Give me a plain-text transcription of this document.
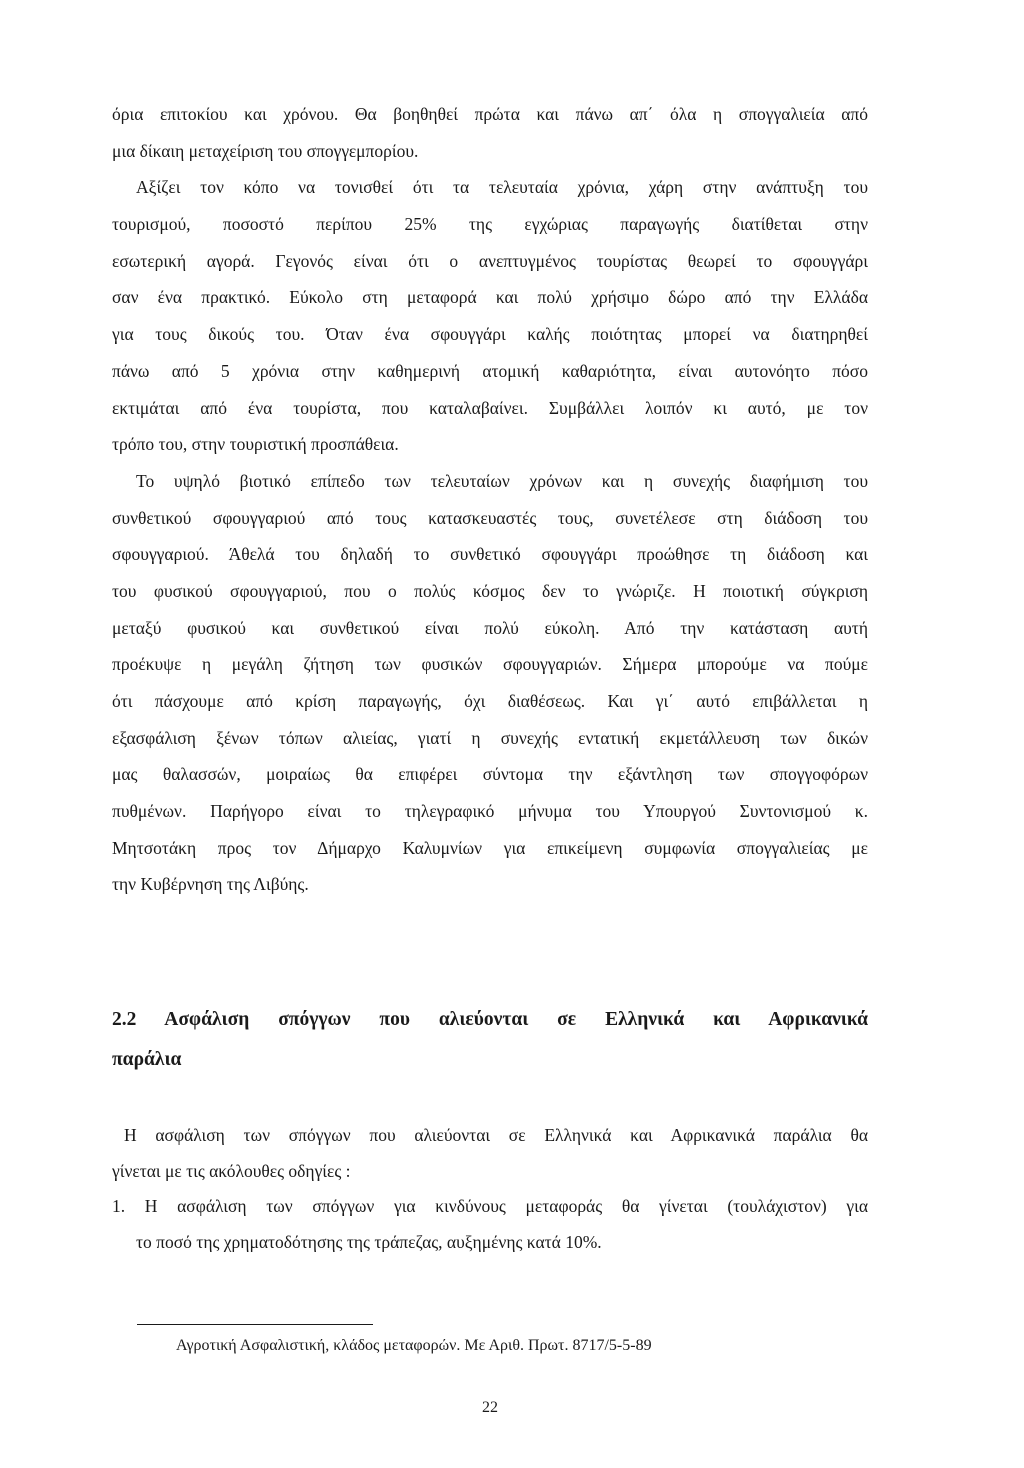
όρια επιτοκίου και χρόνου. Θα βοηθηθεί πρώτα και πάνω απ΄ όλα η σπογγαλιεία από
μια δίκαιη μεταχείριση του σπογγεμπορίου.
Αξίζει τον κόπο να τονισθεί ότι τα τελευταία χρόνια, χάρη στην ανάπτυξη του
τουρισμού, ποσοστό περίπου 25% της εγχώριας παραγωγής διατίθεται στην
εσωτερική αγορά. Γεγονός είναι ότι ο ανεπτυγμένος τουρίστας θεωρεί το σφουγγάρι
σαν ένα πρακτικό. Εύκολο στη μεταφορά και πολύ χρήσιμο δώρο από την Ελλάδα
για τους δικούς του. Όταν ένα σφουγγάρι καλής ποιότητας μπορεί να διατηρηθεί
πάνω από 5 χρόνια στην καθημερινή ατομική καθαριότητα, είναι αυτονόητο πόσο
εκτιμάται από ένα τουρίστα, που καταλαβαίνει. Συμβάλλει λοιπόν κι αυτό, με τον
τρόπο του, στην τουριστική προσπάθεια.
Το υψηλό βιοτικό επίπεδο των τελευταίων χρόνων και η συνεχής διαφήμιση του
συνθετικού σφουγγαριού από τους κατασκευαστές τους, συνετέλεσε στη διάδοση του
σφουγγαριού. Άθελά του δηλαδή το συνθετικό σφουγγάρι προώθησε τη διάδοση και
του φυσικού σφουγγαριού, που ο πολύς κόσμος δεν το γνώριζε. Η ποιοτική σύγκριση
μεταξύ φυσικού και συνθετικού είναι πολύ εύκολη. Από την κατάσταση αυτή
προέκυψε η μεγάλη ζήτηση των φυσικών σφουγγαριών. Σήμερα μπορούμε να πούμε
ότι πάσχουμε από κρίση παραγωγής, όχι διαθέσεως. Και γι΄ αυτό επιβάλλεται η
εξασφάλιση ξένων τόπων αλιείας, γιατί η συνεχής εντατική εκμετάλλευση των δικών
μας θαλασσών, μοιραίως θα επιφέρει σύντομα την εξάντληση των σπογγοφόρων
πυθμένων. Παρήγορο είναι το τηλεγραφικό μήνυμα του Υπουργού Συντονισμού κ.
Μητσοτάκη προς τον Δήμαρχο Καλυμνίων για επικείμενη συμφωνία σπογγαλιείας με
την Κυβέρνηση της Λιβύης.
2.2 Ασφάλιση σπόγγων που αλιεύονται σε Ελληνικά και Αφρικανικά
παράλια
Η ασφάλιση των σπόγγων που αλιεύονται σε Ελληνικά και Αφρικανικά παράλια θα
γίνεται με τις ακόλουθες οδηγίες :
1. Η ασφάλιση των σπόγγων για κινδύνους μεταφοράς θα γίνεται (τουλάχιστον) για
το ποσό της χρηματοδότησης της τράπεζας, αυξημένης κατά 10%.
Αγροτική Ασφαλιστική, κλάδος μεταφορών. Με Αριθ. Πρωτ. 8717/5-5-89
22
